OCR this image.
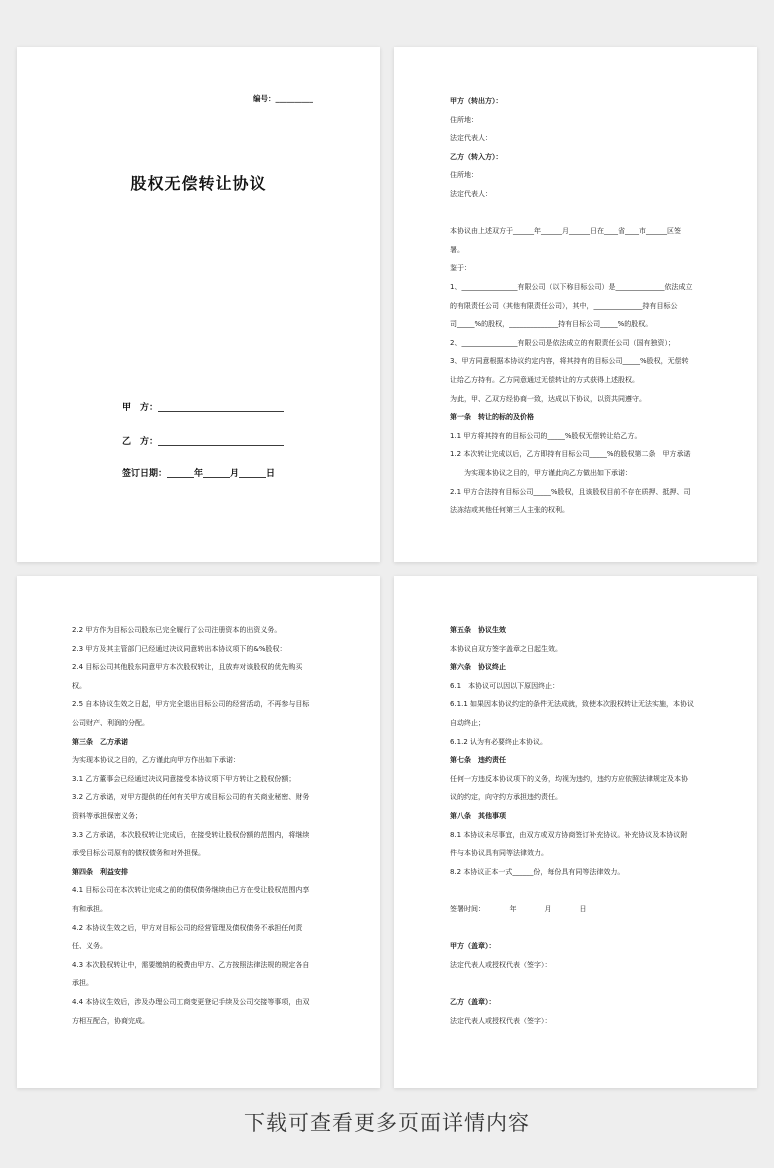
编号：__________
股权无偿转让协议
甲　方：____________________________
乙　方：____________________________
签订日期：______年______月______日
甲方（转出方）：
住所地：
法定代表人：
乙方（转入方）：
住所地：
法定代表人：
本协议由上述双方于______年______月______日在____省____市______区签
署。
鉴于：
1、________________有限公司（以下称目标公司）是______________依法成立
的有限责任公司（其他有限责任公司），其中，______________持有目标公
司_____%的股权，______________持有目标公司_____%的股权。
2、________________有限公司是依法成立的有限责任公司（国有独资）；
3、甲方同意根据本协议约定内容，将其持有的目标公司_____%股权，无偿转
让给乙方持有。乙方同意通过无偿转让的方式获得上述股权。
为此，甲、乙双方经协商一致，达成以下协议，以资共同遵守。
第一条　转让的标的及价格
1.1 甲方将其持有的目标公司的_____%股权无偿转让给乙方。
1.2 本次转让完成以后，乙方即持有目标公司_____%的股权第二条　甲方承诺
　　为实现本协议之目的，甲方谨此向乙方做出如下承诺：
2.1 甲方合法持有目标公司_____%股权，且该股权目前不存在质押、抵押、司
法冻结或其他任何第三人主张的权利。
2.2 甲方作为目标公司股东已完全履行了公司注册资本的出资义务。
2.3 甲方及其主管部门已经通过决议同意转出本协议项下的&%股权：
2.4 目标公司其他股东同意甲方本次股权转让，且放弃对该股权的优先购买
权。
2.5 自本协议生效之日起，甲方完全退出目标公司的经营活动，不再参与目标
公司财产、利润的分配。
第三条　乙方承诺
为实现本协议之目的，乙方谨此向甲方作出如下承诺：
3.1 乙方董事会已经通过决议同意接受本协议项下甲方转让之股权份额；
3.2 乙方承诺，对甲方提供的任何有关甲方或目标公司的有关商业秘密、财务
资料等承担保密义务；
3.3 乙方承诺，本次股权转让完成后，在接受转让股权份额的范围内，将继续
承受目标公司原有的债权债务和对外担保。
第四条　利益安排
4.1 目标公司在本次转让完成之前的债权债务继续由已方在受让股权范围内享
有和承担。
4.2 本协议生效之后，甲方对目标公司的经营管理及债权债务不承担任何责
任、义务。
4.3 本次股权转让中，需要缴纳的税费由甲方、乙方按照法律法规的规定各自
承担。
4.4 本协议生效后，涉及办理公司工商变更登记手续及公司交接等事项，由双
方相互配合，协商完成。
第五条　协议生效
本协议自双方签字盖章之日起生效。
第六条　协议终止
6.1　本协议可以因以下原因终止：
6.1.1 如果因本协议约定的条件无法成就，致使本次股权转让无法实施，本协议
自动终止；
6.1.2 认为有必要终止本协议。
第七条　违约责任
任何一方违反本协议项下的义务，均视为违约，违约方应依照法律规定及本协
议的约定，向守约方承担违约责任。
第八条　其他事项
8.1 本协议未尽事宜，由双方或双方协商签订补充协议。补充协议及本协议附
件与本协议具有同等法律效力。
8.2 本协议正本一式______份，每份具有同等法律效力。
签署时间：　　　　年　　　　月　　　　日
甲方（盖章）：
法定代表人或授权代表（签字）：
乙方（盖章）：
法定代表人或授权代表（签字）：
下载可查看更多页面详情内容
